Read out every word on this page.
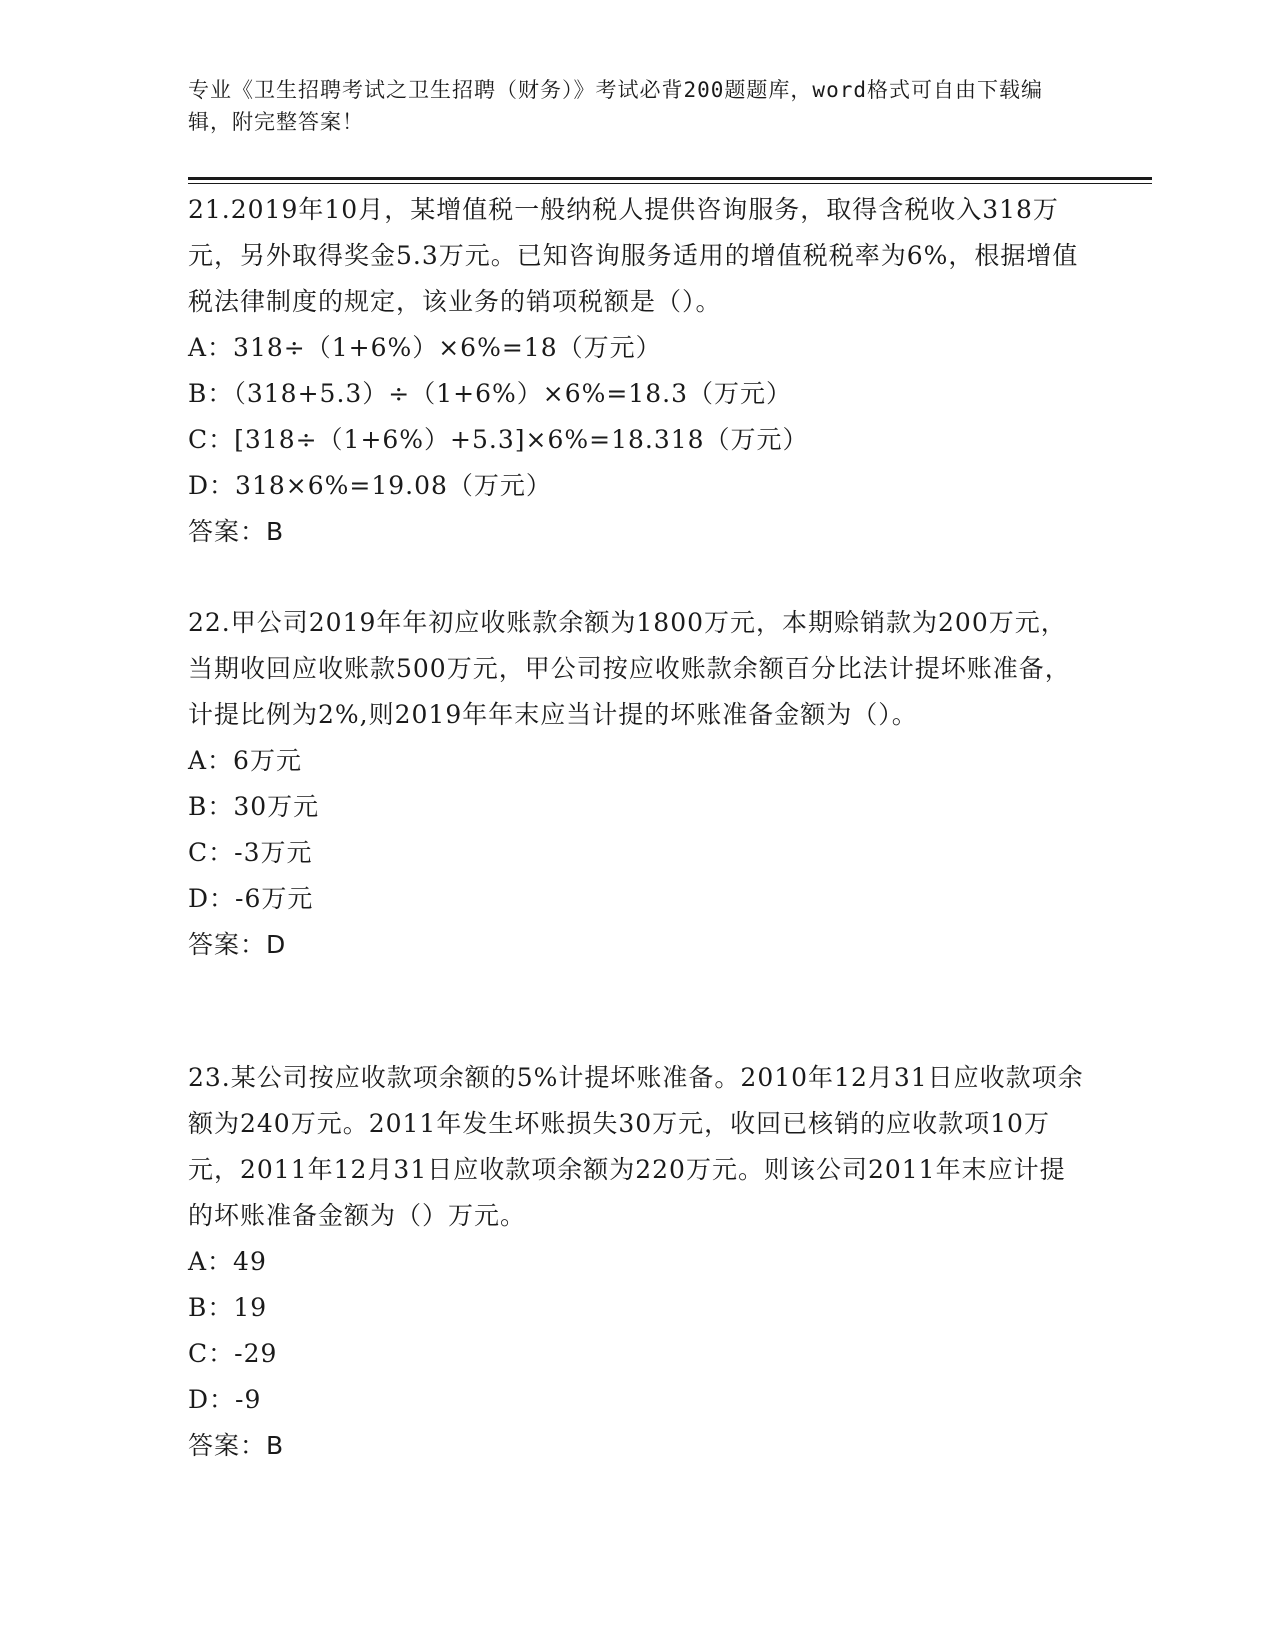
专业《卫生招聘考试之卫生招聘（财务）》考试必背200题题库，word格式可自由下载编辑，附完整答案！

21.2019年10月，某增值税一般纳税人提供咨询服务，取得含税收入318万元，另外取得奖金5.3万元。已知咨询服务适用的增值税税率为6%，根据增值税法律制度的规定，该业务的销项税额是（）。

A：318÷（1+6%）×6%=18（万元）

B：（318+5.3）÷（1+6%）×6%=18.3（万元）

C：[318÷（1+6%）+5.3]×6%=18.318（万元）

D：318×6%=19.08（万元）

答案：B

22.甲公司2019年年初应收账款余额为1800万元，本期赊销款为200万元，当期收回应收账款500万元，甲公司按应收账款余额百分比法计提坏账准备，计提比例为2%,则2019年年末应当计提的坏账准备金额为（）。

A：6万元

B：30万元

C：-3万元

D：-6万元

答案：D

23.某公司按应收款项余额的5%计提坏账准备。2010年12月31日应收款项余额为240万元。2011年发生坏账损失30万元，收回已核销的应收款项10万元，2011年12月31日应收款项余额为220万元。则该公司2011年末应计提的坏账准备金额为（）万元。

A：49

B：19

C：-29

D：-9

答案：B
